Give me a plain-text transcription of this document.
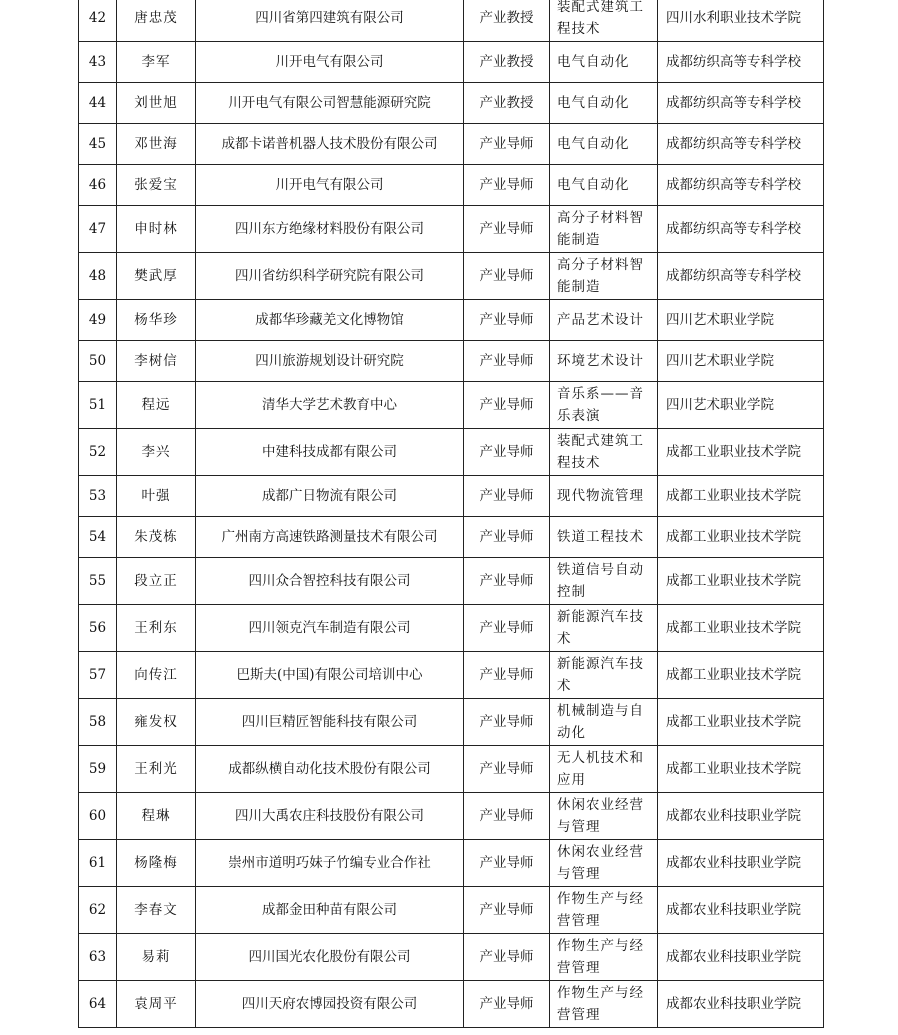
42	唐忠茂	四川省第四建筑有限公司	产业教授	装配式建筑工程技术	四川水利职业技术学院
43	李军	川开电气有限公司	产业教授	电气自动化	成都纺织高等专科学校
44	刘世旭	川开电气有限公司智慧能源研究院	产业教授	电气自动化	成都纺织高等专科学校
45	邓世海	成都卡诺普机器人技术股份有限公司	产业导师	电气自动化	成都纺织高等专科学校
46	张爱宝	川开电气有限公司	产业导师	电气自动化	成都纺织高等专科学校
47	申时林	四川东方绝缘材料股份有限公司	产业导师	高分子材料智能制造	成都纺织高等专科学校
48	樊武厚	四川省纺织科学研究院有限公司	产业导师	高分子材料智能制造	成都纺织高等专科学校
49	杨华珍	成都华珍藏羌文化博物馆	产业导师	产品艺术设计	四川艺术职业学院
50	李树信	四川旅游规划设计研究院	产业导师	环境艺术设计	四川艺术职业学院
51	程远	清华大学艺术教育中心	产业导师	音乐系——音乐表演	四川艺术职业学院
52	李兴	中建科技成都有限公司	产业导师	装配式建筑工程技术	成都工业职业技术学院
53	叶强	成都广日物流有限公司	产业导师	现代物流管理	成都工业职业技术学院
54	朱茂栋	广州南方高速铁路测量技术有限公司	产业导师	铁道工程技术	成都工业职业技术学院
55	段立正	四川众合智控科技有限公司	产业导师	铁道信号自动控制	成都工业职业技术学院
56	王利东	四川领克汽车制造有限公司	产业导师	新能源汽车技术	成都工业职业技术学院
57	向传江	巴斯夫(中国)有限公司培训中心	产业导师	新能源汽车技术	成都工业职业技术学院
58	雍发权	四川巨精匠智能科技有限公司	产业导师	机械制造与自动化	成都工业职业技术学院
59	王利光	成都纵横自动化技术股份有限公司	产业导师	无人机技术和应用	成都工业职业技术学院
60	程琳	四川大禹农庄科技股份有限公司	产业导师	休闲农业经营与管理	成都农业科技职业学院
61	杨隆梅	崇州市道明巧妹子竹编专业合作社	产业导师	休闲农业经营与管理	成都农业科技职业学院
62	李春文	成都金田种苗有限公司	产业导师	作物生产与经营管理	成都农业科技职业学院
63	易莉	四川国光农化股份有限公司	产业导师	作物生产与经营管理	成都农业科技职业学院
64	袁周平	四川天府农博园投资有限公司	产业导师	作物生产与经营管理	成都农业科技职业学院
